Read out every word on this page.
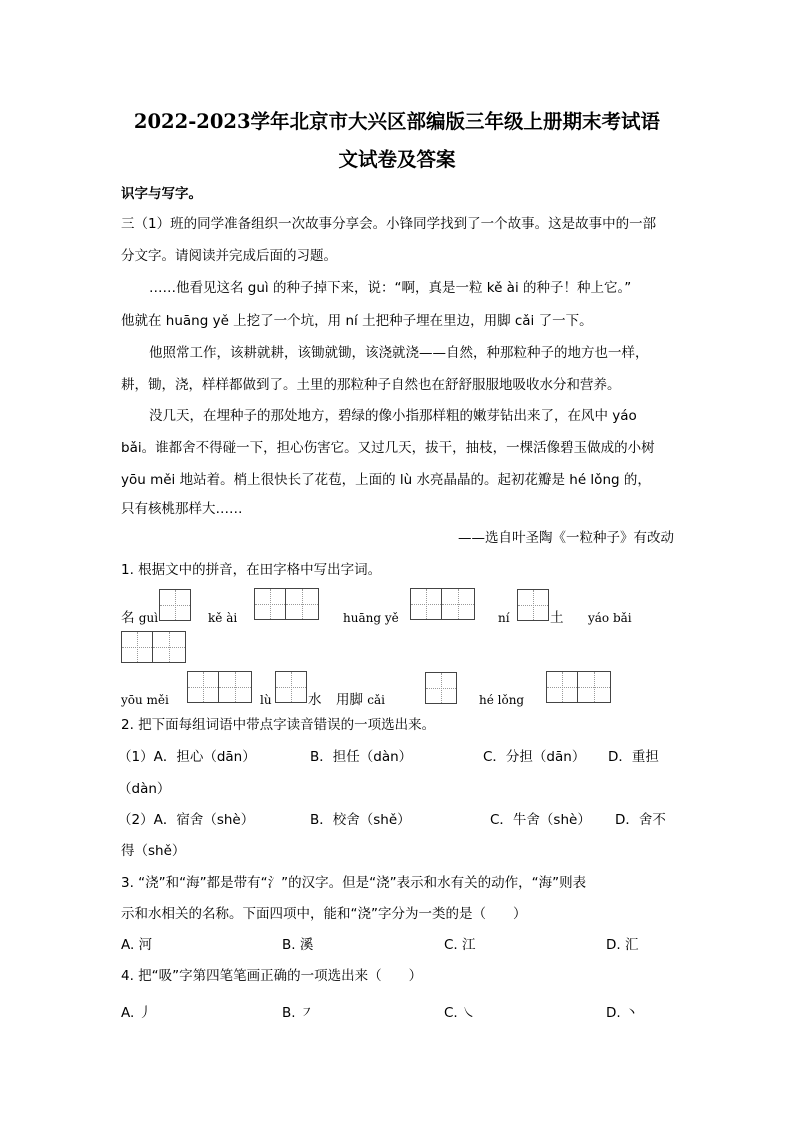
2022-2023学年北京市大兴区部编版三年级上册期末考试语
文试卷及答案
识字与写字。
三（1）班的同学准备组织一次故事分享会。小锋同学找到了一个故事。这是故事中的一部
分文字。请阅读并完成后面的习题。
……他看见这名 guì 的种子掉下来，说：“啊，真是一粒 kě ài 的种子！种上它。”
他就在 huāng yě 上挖了一个坑，用 ní 土把种子埋在里边，用脚 cǎi 了一下。
他照常工作，该耕就耕，该锄就锄，该浇就浇——自然，种那粒种子的地方也一样，
耕，锄，浇，样样都做到了。土里的那粒种子自然也在舒舒服服地吸收水分和营养。
没几天，在埋种子的那处地方，碧绿的像小指那样粗的嫩芽钻出来了，在风中 yáo
bǎi。谁都舍不得碰一下，担心伤害它。又过几天，拔干，抽枝，一棵活像碧玉做成的小树
yōu měi 地站着。梢上很快长了花苞，上面的 lù 水亮晶晶的。起初花瓣是 hé lǒng 的，
只有核桃那样大……
——选自叶圣陶《一粒种子》有改动
1. 根据文中的拼音，在田字格中写出字词。
名 guì	kě ài	huāng yě	ní	土 yáo bǎi
yōu měi	lù	水 用脚 cǎi	hé lǒng
2. 把下面每组词语中带点字读音错误的一项选出来。
（1）A．担心（dān）	B．担任（dàn）	C．分担（dān） D．重担
（dàn）
（2）A．宿舍（shè）	B．校舍（shě）	C．牛舍（shè） D．舍不
得（shě）
3. “浇”和“海”都是带有“氵”的汉字。但是“浇”表示和水有关的动作，“海”则表
示和水相关的名称。下面四项中，能和“浇”字分为一类的是（　　）
A. 河	B. 溪	C. 江	D. 汇
4. 把“吸”字第四笔笔画正确的一项选出来（　　）
A. 丿	B. ㇇	C. ㇏	D. 丶
